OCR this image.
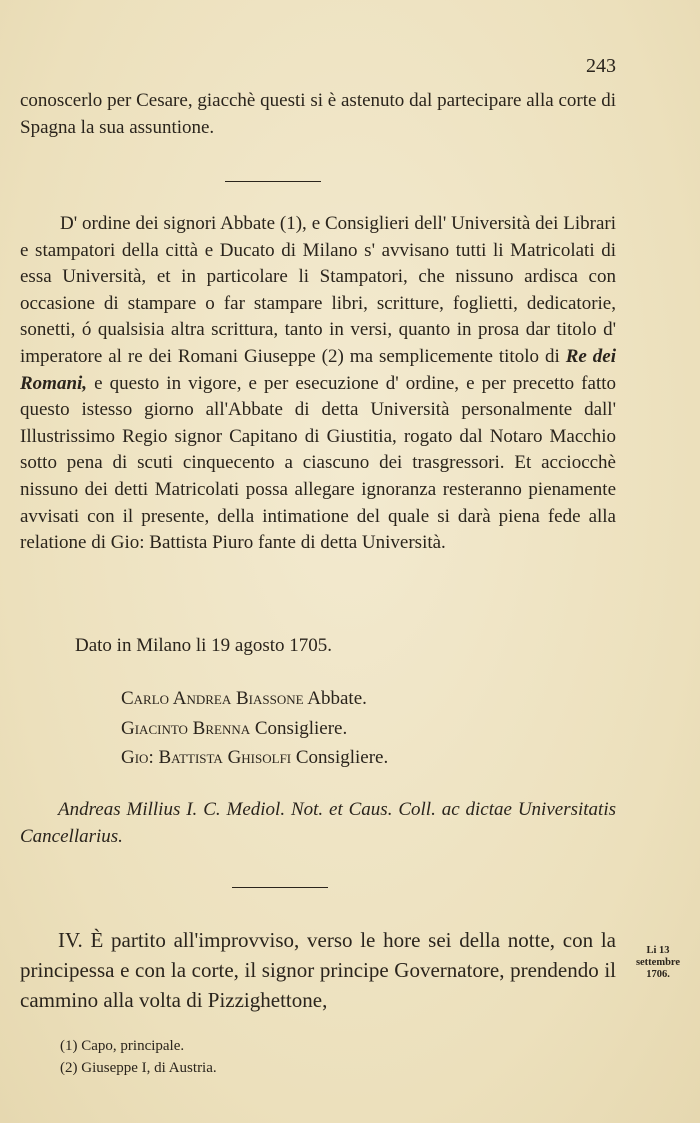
243

conoscerlo per Cesare, giacchè questi si è astenuto dal partecipare alla corte di Spagna la sua assuntione.

D' ordine dei signori Abbate (1), e Consiglieri dell' Università dei Librari e stampatori della città e Ducato di Milano s' avvisano tutti li Matricolati di essa Università, et in particolare li Stampatori, che nissuno ardisca con occasione di stampare o far stampare libri, scritture, foglietti, dedicatorie, sonetti, ó qualsisia altra scrittura, tanto in versi, quanto in prosa dar titolo d' imperatore al re dei Romani Giuseppe (2) ma semplicemente titolo di Re dei Romani, e questo in vigore, e per esecuzione d' ordine, e per precetto fatto questo istesso giorno all'Abbate di detta Università personalmente dall' Illustrissimo Regio signor Capitano di Giustitia, rogato dal Notaro Macchio sotto pena di scuti cinquecento a ciascuno dei trasgressori. Et acciocchè nissuno dei detti Matricolati possa allegare ignoranza resteranno pienamente avvisati con il presente, della intimatione del quale si darà piena fede alla relatione di Gio: Battista Piuro fante di detta Università.

Dato in Milano li 19 agosto 1705.
Carlo Andrea Biassone Abbate.
Giacinto Brenna Consigliere.
Gio: Battista Ghisolfi Consigliere.

Andreas Millius I. C. Mediol. Not. et Caus. Coll. ac dictae Universitatis Cancellarius.

IV. È partito all'improvviso, verso le hore sei della notte, con la principessa e con la corte, il signor principe Governatore, prendendo il cammino alla volta di Pizzighettone,

Li 13
settembre
1706.
(1) Capo, principale.
(2) Giuseppe I, di Austria.
